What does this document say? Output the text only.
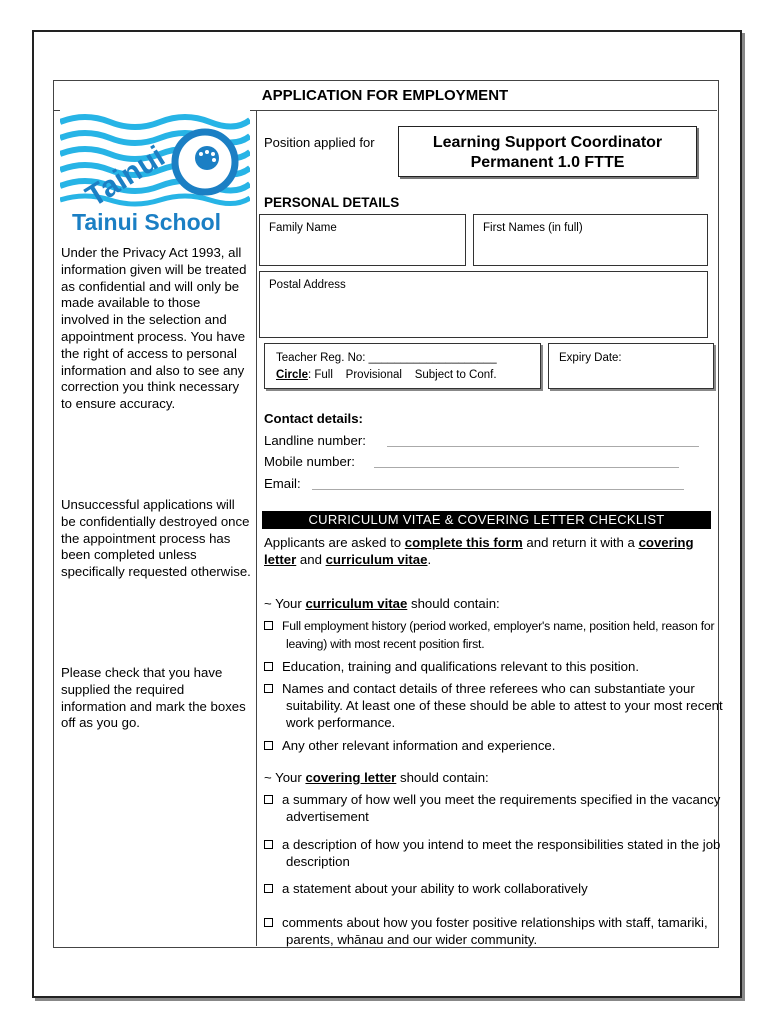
APPLICATION FOR EMPLOYMENT
Tainui
Tainui School
Under the Privacy Act 1993, all information given will be treated as confidential and will only be made available to those involved in the selection and appointment process. You have the right of access to personal information and also to see any correction you think necessary to ensure accuracy.
Unsuccessful applications will be confidentially destroyed once the appointment process has been completed unless specifically requested otherwise.
Please check that you have supplied the required information and mark the boxes off as you go.
Position applied for	Learning Support Coordinator
Permanent 1.0 FTTE
PERSONAL DETAILS
Family Name	First Names (in full)
Postal Address
Teacher Reg. No: ____________________
Circle: Full    Provisional    Subject to Conf.
Expiry Date:
Contact details:
Landline number:
Mobile number:
Email:
CURRICULUM VITAE & COVERING LETTER CHECKLIST
Applicants are asked to complete this form and return it with a covering letter and curriculum vitae.
~ Your curriculum vitae should contain:
Full employment history (period worked, employer's name, position held, reason for leaving) with most recent position first.
Education, training and qualifications relevant to this position.
Names and contact details of three referees who can substantiate your suitability. At least one of these should be able to attest to your most recent work performance.
Any other relevant information and experience.
~ Your covering letter should contain:
a summary of how well you meet the requirements specified in the vacancy advertisement
a description of how you intend to meet the responsibilities stated in the job description
a statement about your ability to work collaboratively
comments about how you foster positive relationships with staff, tamariki, parents, whānau and our wider community.
